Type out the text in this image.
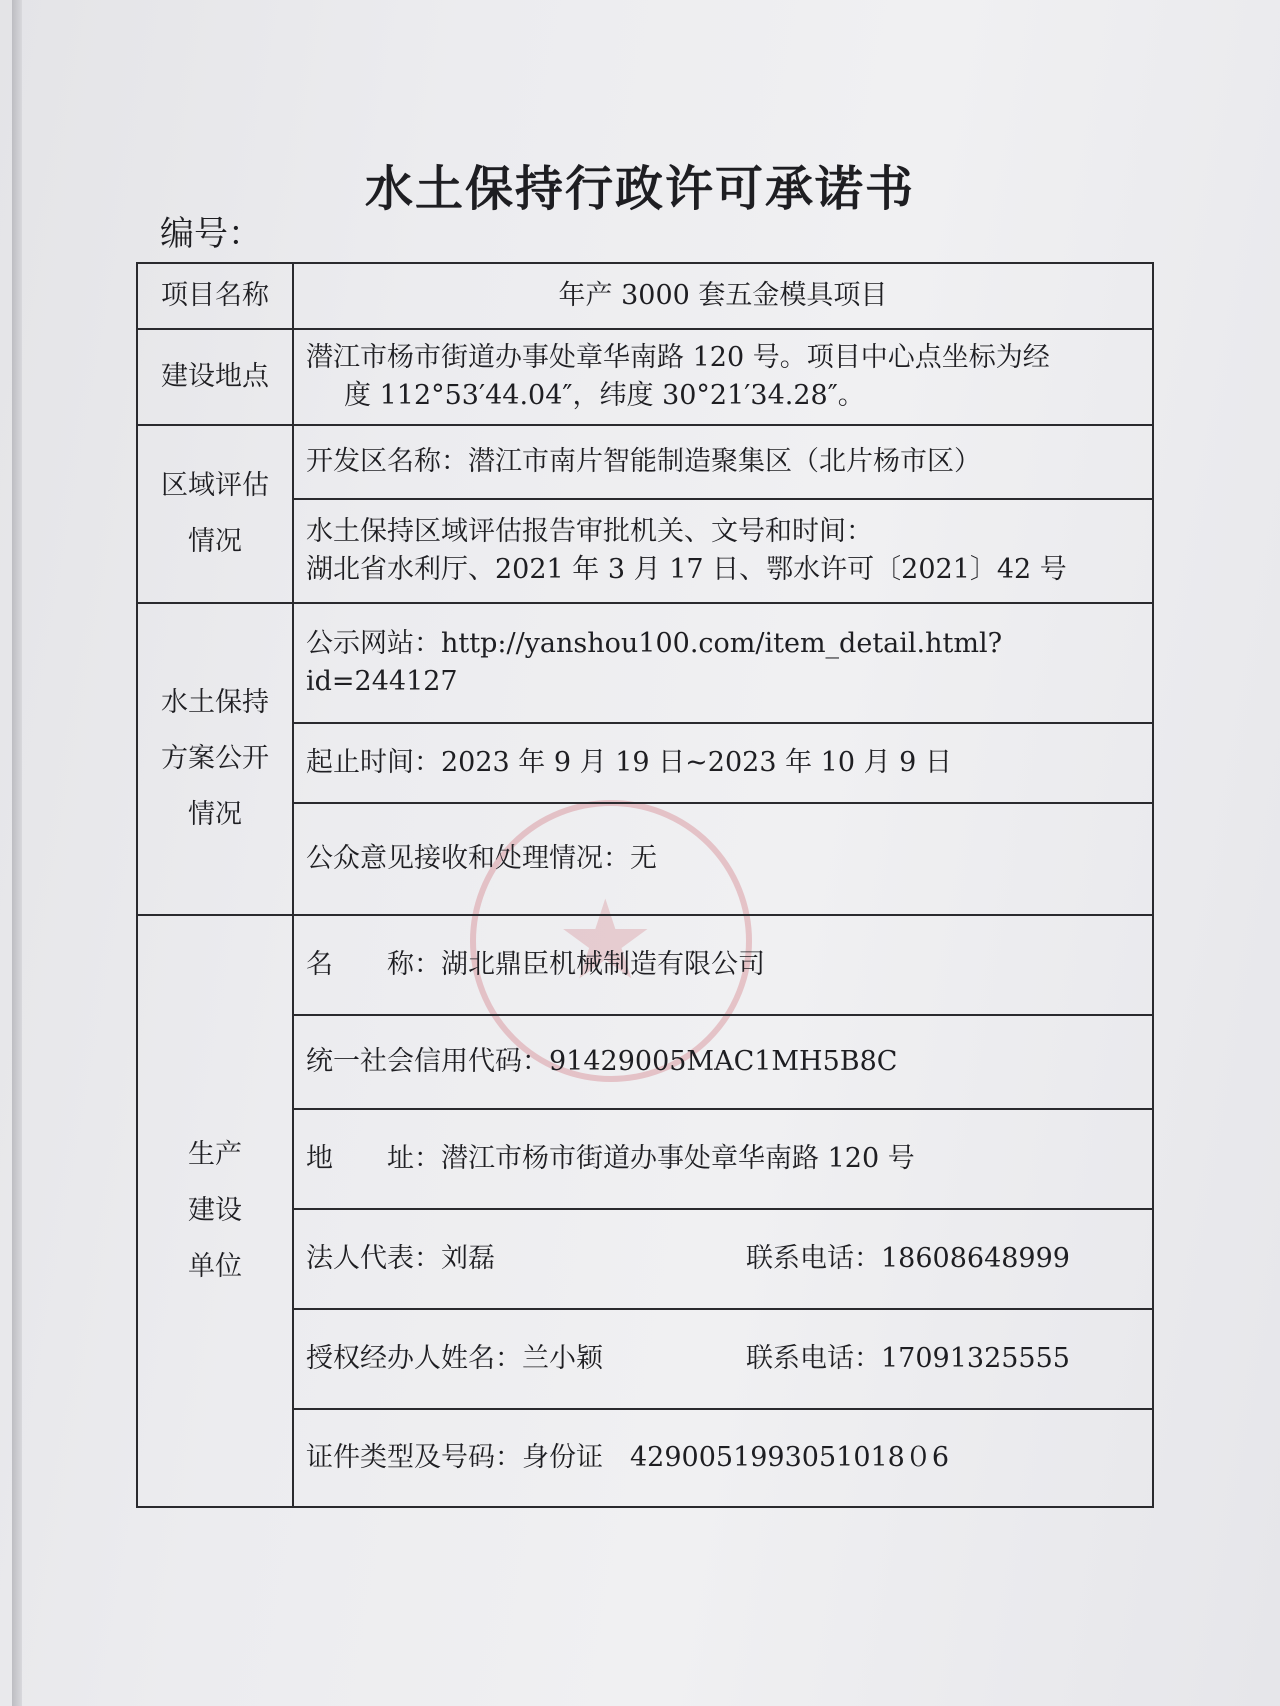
水土保持行政许可承诺书
编号：
★
项目名称	年产 3000 套五金模具项目
建设地点	潜江市杨市街道办事处章华南路 120 号。项目中心点坐标为经
度 112°53′44.04″，纬度 30°21′34.28″。

区域评估
情况	开发区名称：潜江市南片智能制造聚集区（北片杨市区）

	水土保持区域评估报告审批机关、文号和时间：
湖北省水利厅、2021 年 3 月 17 日、鄂水许可〔2021〕42 号

水土保持
方案公开
情况	公示网站：http://yanshou100.com/item_detail.html?id=244127
	起止时间：2023 年 9 月 19 日~2023 年 10 月 9 日
	公众意见接收和处理情况：无

生产
建设
单位	名　　称：湖北鼎臣机械制造有限公司
	统一社会信用代码：91429005MAC1MH5B8C
	地　　址：潜江市杨市街道办事处章华南路 120 号

	法人代表：刘磊 联系电话：18608648999

	授权经办人姓名：兰小颖 联系电话：17091325555

	证件类型及号码：身份证　4290051993051018０6
